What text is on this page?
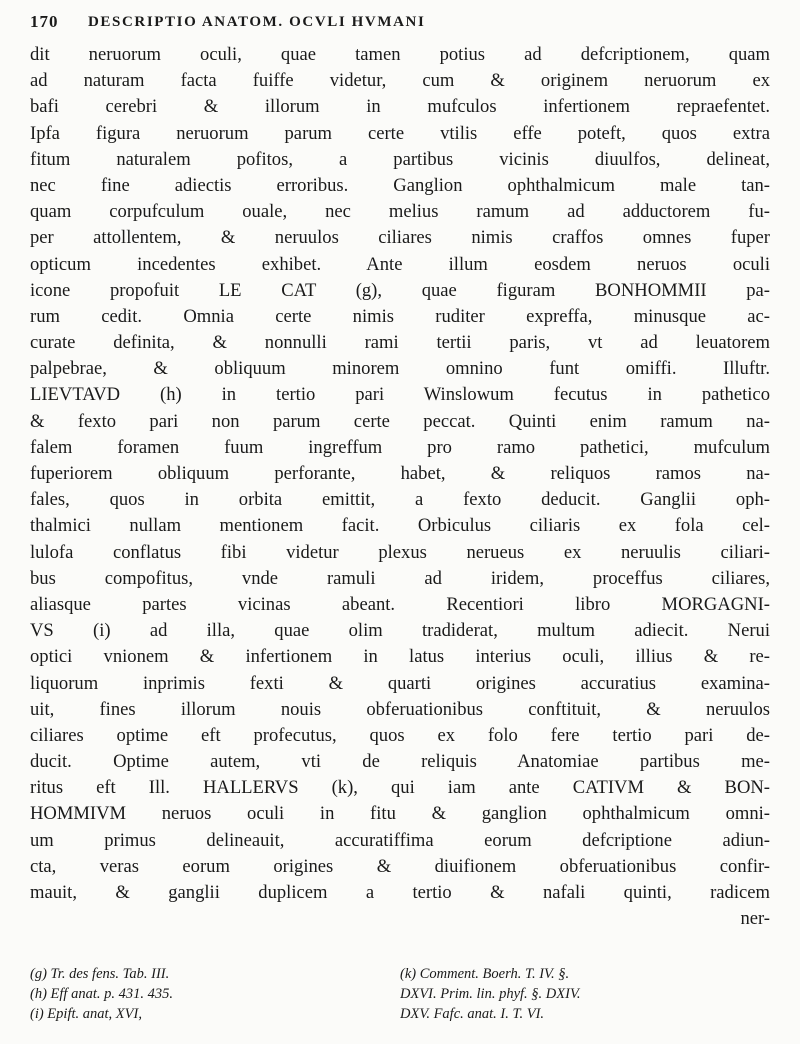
170 DESCRIPTIO ANATOM. OCVLI HVMANI
dit neruorum oculi, quae tamen potius ad defcriptionem, quam
ad naturam facta fuiffe videtur, cum & originem neruorum ex
bafi cerebri & illorum in mufculos infertionem repraefentet.
Ipfa figura neruorum parum certe vtilis effe poteft, quos extra
fitum naturalem pofitos, a partibus vicinis diuulfos, delineat,
nec fine adiectis erroribus. Ganglion ophthalmicum male tan-
quam corpufculum ouale, nec melius ramum ad adductorem fu-
per attollentem, & neruulos ciliares nimis craffos omnes fuper
opticum incedentes exhibet. Ante illum eosdem neruos oculi
icone propofuit LE CAT (g), quae figuram BONHOMMII pa-
rum cedit. Omnia certe nimis ruditer expreffa, minusque ac-
curate definita, & nonnulli rami tertii paris, vt ad leuatorem
palpebrae, & obliquum minorem omnino funt omiffi. Illuftr.
LIEVTAVD (h) in tertio pari Winslowum fecutus in pathetico
& fexto pari non parum certe peccat. Quinti enim ramum na-
falem foramen fuum ingreffum pro ramo pathetici, mufculum
fuperiorem obliquum perforante, habet, & reliquos ramos na-
fales, quos in orbita emittit, a fexto deducit. Ganglii oph-
thalmici nullam mentionem facit. Orbiculus ciliaris ex fola cel-
lulofa conflatus fibi videtur plexus nerueus ex neruulis ciliari-
bus compofitus, vnde ramuli ad iridem, proceffus ciliares,
aliasque partes vicinas abeant. Recentiori libro MORGAGNI-
VS (i) ad illa, quae olim tradiderat, multum adiecit. Nerui
optici vnionem & infertionem in latus interius oculi, illius & re-
liquorum inprimis fexti & quarti origines accuratius examina-
uit, fines illorum nouis obferuationibus conftituit, & neruulos
ciliares optime eft profecutus, quos ex folo fere tertio pari de-
ducit. Optime autem, vti de reliquis Anatomiae partibus me-
ritus eft Ill. HALLERVS (k), qui iam ante CATIVM & BON-
HOMMIVM neruos oculi in fitu & ganglion ophthalmicum omni-
um primus delineauit, accuratiffima eorum defcriptione adiun-
cta, veras eorum origines & diuifionem obferuationibus confir-
mauit, & ganglii duplicem a tertio & nafali quinti, radicem
ner-
(g) Tr. des fens. Tab. III.
(h) Eff anat. p. 431. 435.
(i) Epift. anat, XVI,
(k) Comment. Boerh. T. IV. §.
DXVI. Prim. lin. phyf. §. DXIV.
DXV. Fafc. anat. I. T. VI.
